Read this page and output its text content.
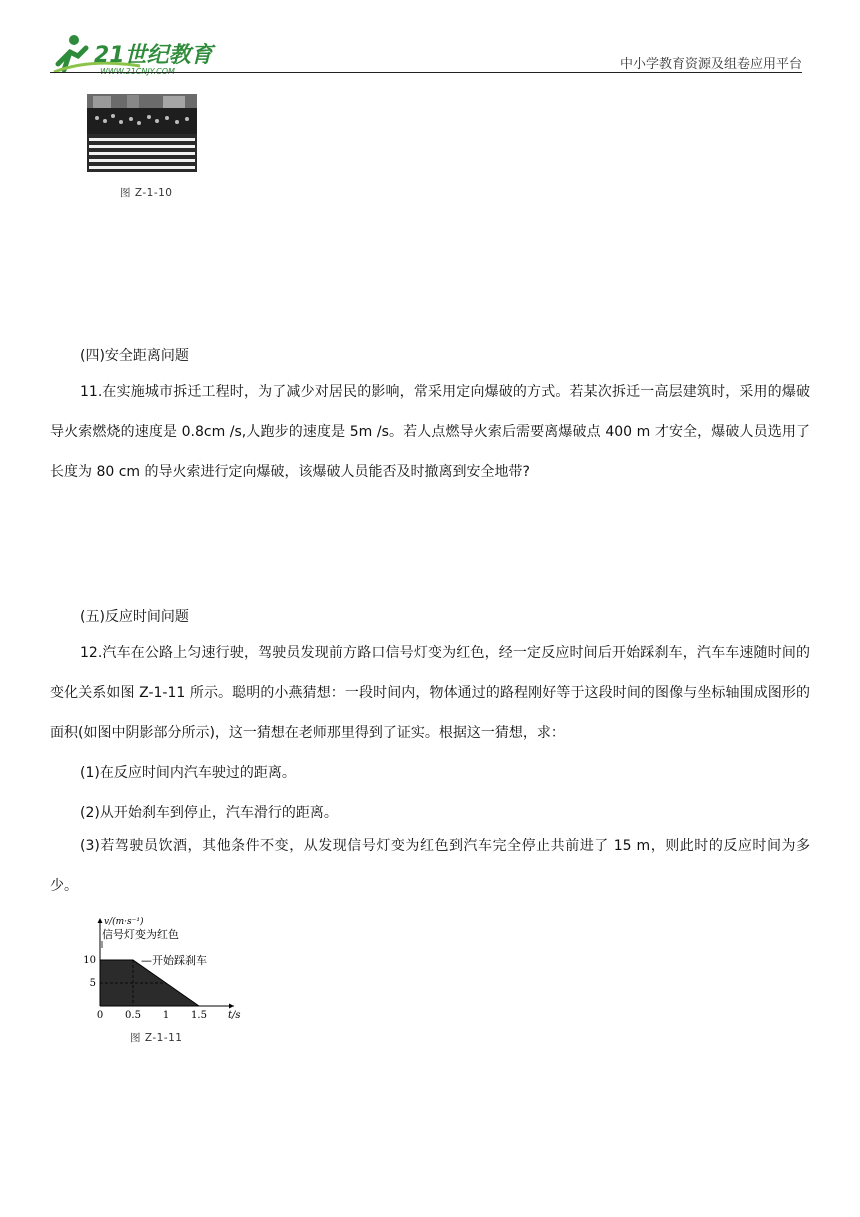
21世纪教育
WWW.21CNJY.COM	中小学教育资源及组卷应用平台
图 Z-1-10
(四)安全距离问题
11.在实施城市拆迁工程时，为了减少对居民的影响，常采用定向爆破的方式。若某次拆迁一高层建筑时，采用的爆破导火索燃烧的速度是 0.8cm /s,人跑步的速度是 5m /s。若人点燃导火索后需要离爆破点 400 m 才安全，爆破人员选用了长度为 80 cm 的导火索进行定向爆破，该爆破人员能否及时撤离到安全地带?
(五)反应时间问题
12.汽车在公路上匀速行驶，驾驶员发现前方路口信号灯变为红色，经一定反应时间后开始踩刹车，汽车车速随时间的变化关系如图 Z-1-11 所示。聪明的小燕猜想：一段时间内，物体通过的路程刚好等于这段时间的图像与坐标轴围成图形的面积(如图中阴影部分所示)，这一猜想在老师那里得到了证实。根据这一猜想，求：
(1)在反应时间内汽车驶过的距离。
(2)从开始刹车到停止，汽车滑行的距离。
(3)若驾驶员饮酒，其他条件不变，从发现信号灯变为红色到汽车完全停止共前进了 15 m，则此时的反应时间为多少。
0 0.5 1 1.5
5
10
v/(m·s⁻¹)
t/s
信号灯变为红色
—开始踩刹车
图 Z-1-11
